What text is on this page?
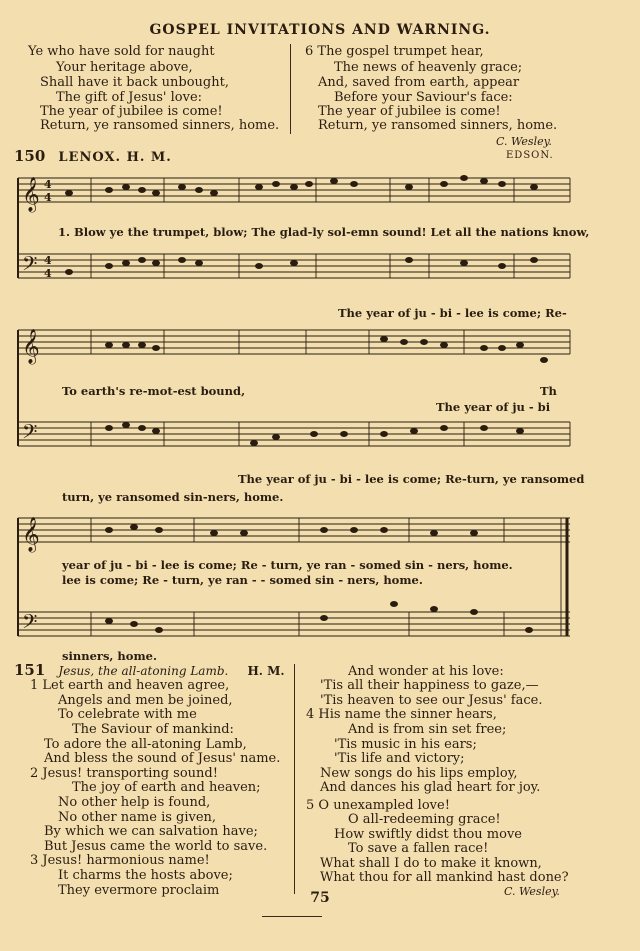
GOSPEL INVITATIONS AND WARNING.
Ye who have sold for naught
Your heritage above,
Shall have it back unbought,
The gift of Jesus' love:
The year of jubilee is come!
Return, ye ransomed sinners, home.
6 The gospel trumpet hear,
The news of heavenly grace;
And, saved from earth, appear
Before your Saviour's face:
The year of jubilee is come!
Return, ye ransomed sinners, home.
C. Wesley.
150 LENOX. H. M.	EDSON.
𝄞
𝄢
𝄞
𝄢
𝄞
𝄢
4
4
4
4
1. Blow ye the trumpet, blow; The glad-ly sol-emn sound! Let all the nations know,
The year of ju - bi - lee is come; Re-
To earth's re-mot-est bound,	Th
The year of ju - bi
The year of ju - bi - lee is come; Re-turn, ye ransomed
turn, ye ransomed sin-ners, home.
year of ju - bi - lee is come; Re - turn, ye ran - somed sin - ners, home.
lee is come; Re - turn, ye ran - - somed sin - ners, home.
sinners, home.
151 Jesus, the all-atoning Lamb. H. M.
1 Let earth and heaven agree,
Angels and men be joined,
To celebrate with me
The Saviour of mankind:
To adore the all-atoning Lamb,
And bless the sound of Jesus' name.
2 Jesus! transporting sound!
The joy of earth and heaven;
No other help is found,
No other name is given,
By which we can salvation have;
But Jesus came the world to save.
3 Jesus! harmonious name!
It charms the hosts above;
They evermore proclaim
And wonder at his love:
'Tis all their happiness to gaze,—
'Tis heaven to see our Jesus' face.
4 His name the sinner hears,
And is from sin set free;
'Tis music in his ears;
'Tis life and victory;
New songs do his lips employ,
And dances his glad heart for joy.
5 O unexampled love!
O all-redeeming grace!
How swiftly didst thou move
To save a fallen race!
What shall I do to make it known,
What thou for all mankind hast done?
C. Wesley.
75
